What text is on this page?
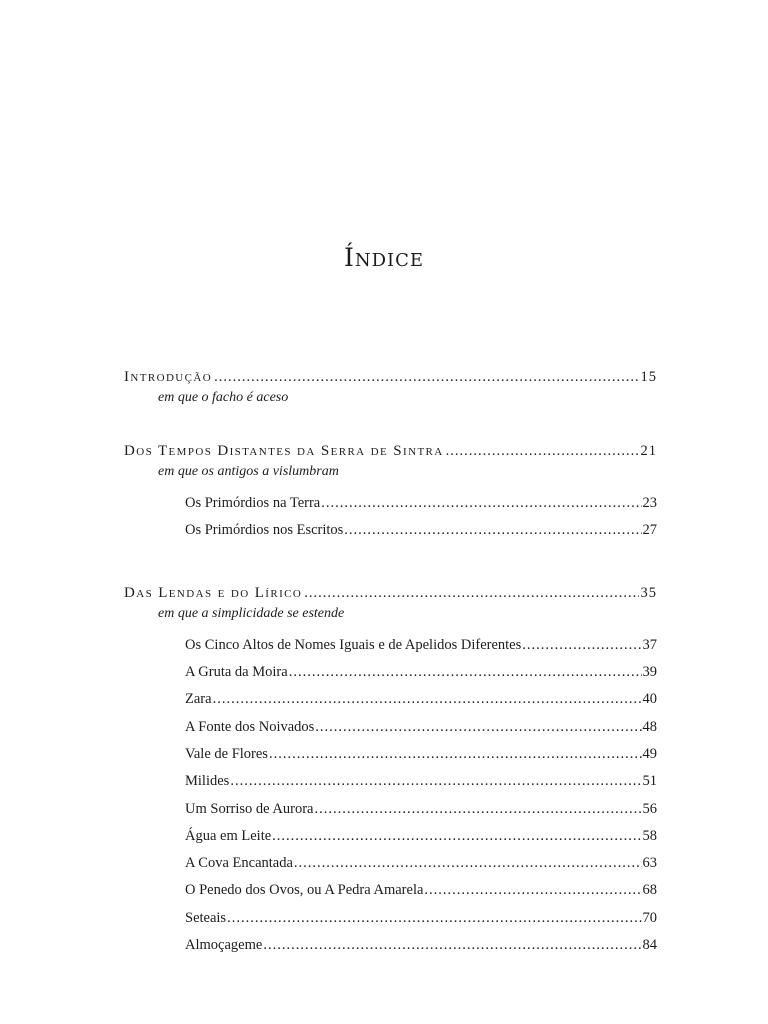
Índice
Introdução .....	15
em que o facho é aceso
Dos Tempos Distantes da Serra de Sintra .....	21
em que os antigos a vislumbram
Os Primórdios na Terra .....	23
Os Primórdios nos Escritos .....	27
Das Lendas e do Lírico .....	35
em que a simplicidade se estende
Os Cinco Altos de Nomes Iguais e de Apelidos Diferentes .....	37
A Gruta da Moira .....	39
Zara .....	40
A Fonte dos Noivados .....	48
Vale de Flores .....	49
Milides .....	51
Um Sorriso de Aurora .....	56
Água em Leite .....	58
A Cova Encantada .....	63
O Penedo dos Ovos, ou A Pedra Amarela .....	68
Seteais .....	70
Almoçageme .....	84
